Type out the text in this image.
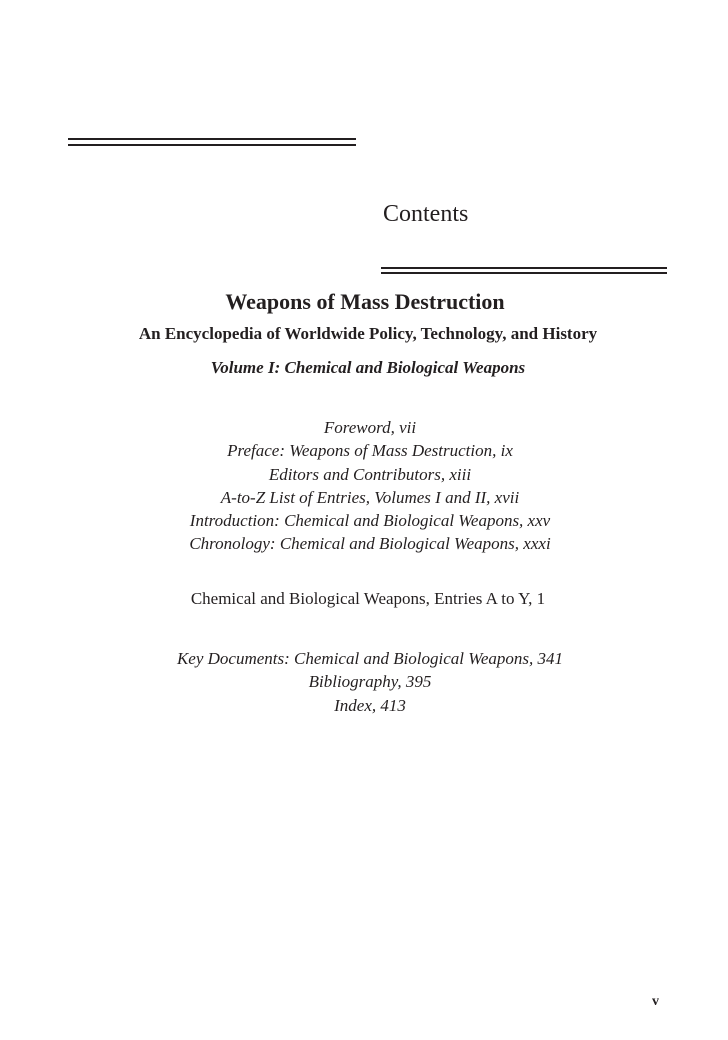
Contents
Weapons of Mass Destruction
An Encyclopedia of Worldwide Policy, Technology, and History
Volume I: Chemical and Biological Weapons
Foreword, vii
Preface: Weapons of Mass Destruction, ix
Editors and Contributors, xiii
A-to-Z List of Entries, Volumes I and II, xvii
Introduction: Chemical and Biological Weapons, xxv
Chronology: Chemical and Biological Weapons, xxxi
Chemical and Biological Weapons, Entries A to Y, 1
Key Documents: Chemical and Biological Weapons, 341
Bibliography, 395
Index, 413
v
